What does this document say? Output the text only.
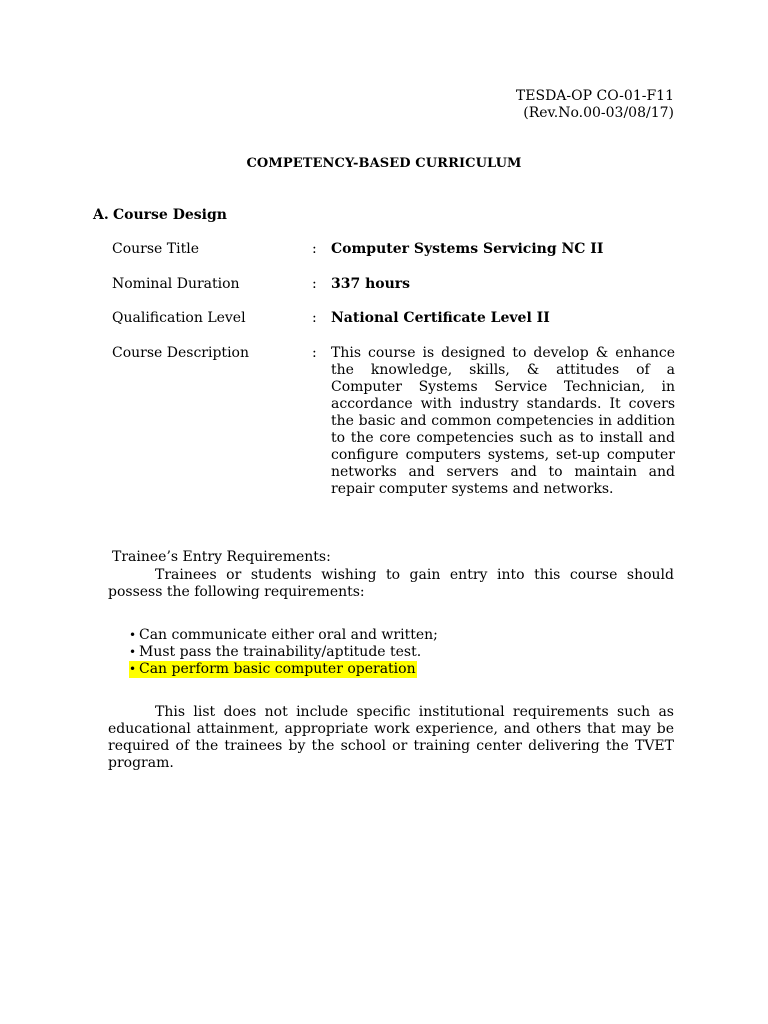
TESDA-OP CO-01-F11
(Rev.No.00-03/08/17)
COMPETENCY-BASED CURRICULUM
A. Course Design
Course Title	: Computer Systems Servicing NC II
Nominal Duration	: 337 hours
Qualification Level	: National Certificate Level II
Course Description	: This course is designed to develop & enhance the knowledge, skills, & attitudes of a Computer Systems Service Technician, in accordance with industry standards. It covers the basic and common competencies in addition to the core competencies such as to install and configure computers systems, set-up computer networks and servers and to maintain and repair computer systems and networks.
Trainee’s Entry Requirements:
Trainees or students wishing to gain entry into this course should possess the following requirements:
• Can communicate either oral and written;
• Must pass the trainability/aptitude test.
• Can perform basic computer operation
This list does not include specific institutional requirements such as educational attainment, appropriate work experience, and others that may be required of the trainees by the school or training center delivering the TVET program.
